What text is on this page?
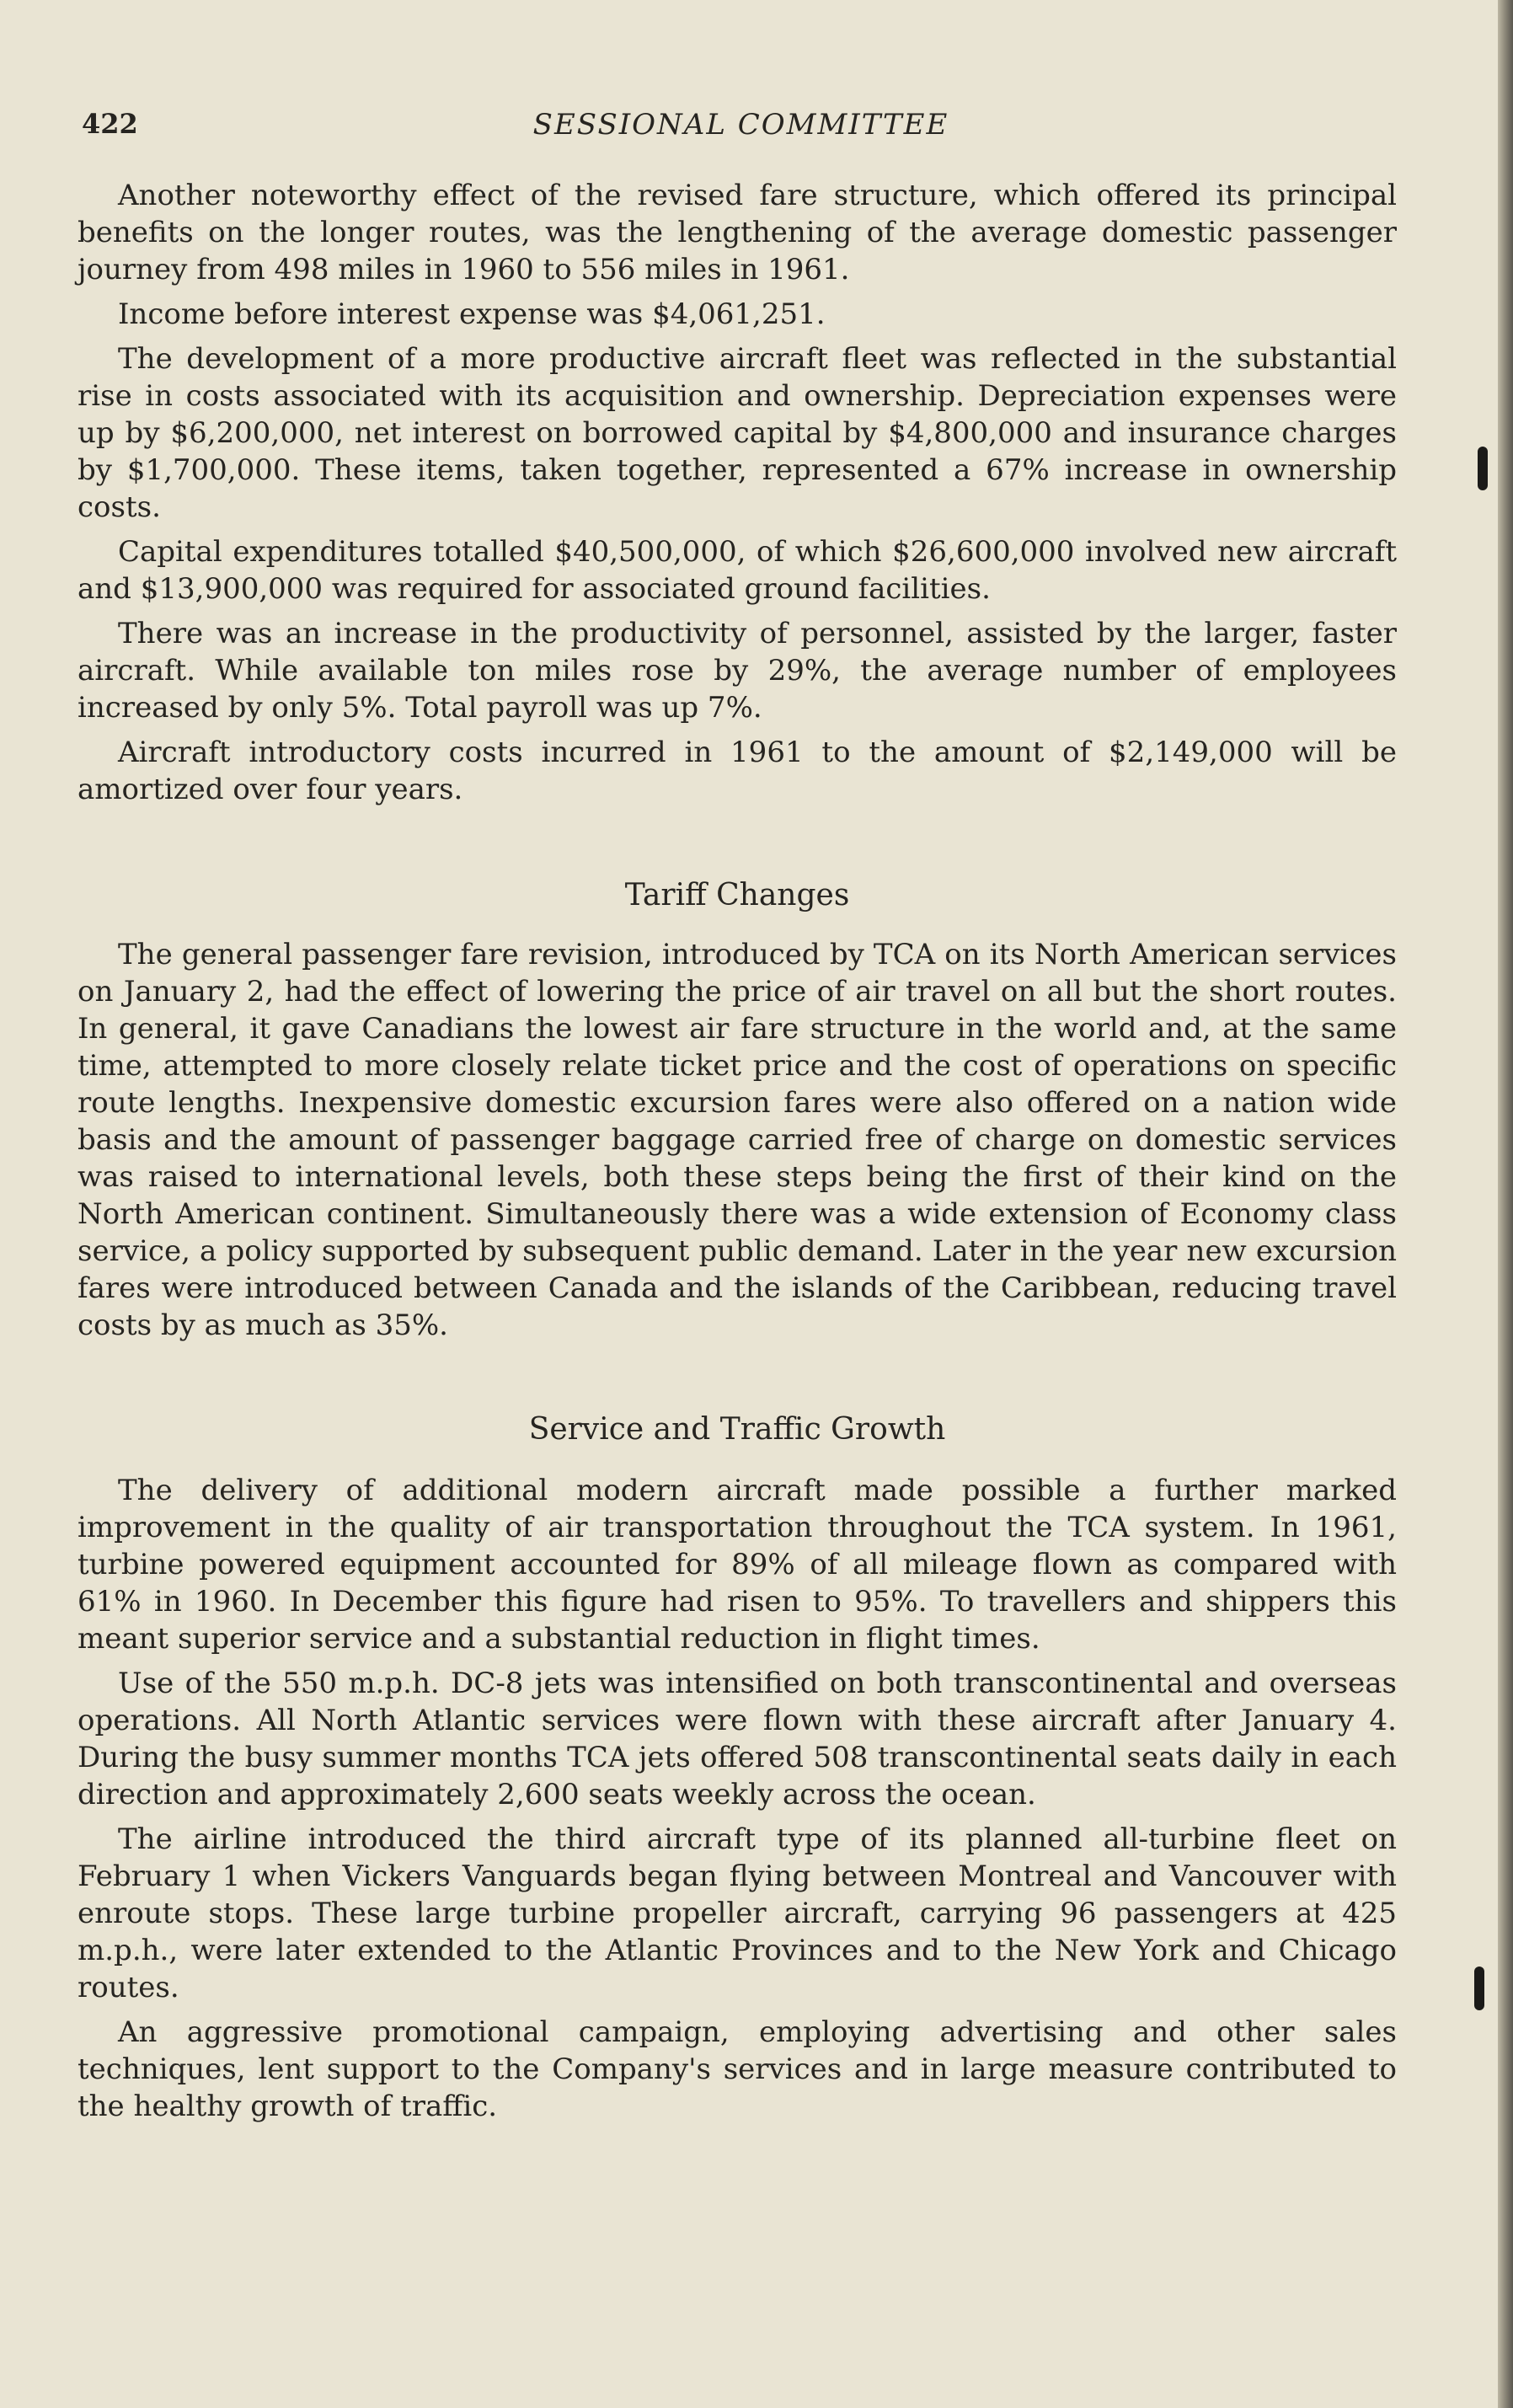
422	SESSIONAL COMMITTEE

Another noteworthy effect of the revised fare structure, which offered its principal benefits on the longer routes, was the lengthening of the average domestic passenger journey from 498 miles in 1960 to 556 miles in 1961.

Income before interest expense was $4,061,251.

The development of a more productive aircraft fleet was reflected in the substantial rise in costs associated with its acquisition and ownership. Depreciation expenses were up by $6,200,000, net interest on borrowed capital by $4,800,000 and insurance charges by $1,700,000. These items, taken together, represented a 67% increase in ownership costs.

Capital expenditures totalled $40,500,000, of which $26,600,000 involved new aircraft and $13,900,000 was required for associated ground facilities.

There was an increase in the productivity of personnel, assisted by the larger, faster aircraft. While available ton miles rose by 29%, the average number of employees increased by only 5%. Total payroll was up 7%.

Aircraft introductory costs incurred in 1961 to the amount of $2,149,000 will be amortized over four years.

Tariff Changes

The general passenger fare revision, introduced by TCA on its North American services on January 2, had the effect of lowering the price of air travel on all but the short routes. In general, it gave Canadians the lowest air fare structure in the world and, at the same time, attempted to more closely relate ticket price and the cost of operations on specific route lengths. Inexpensive domestic excursion fares were also offered on a nation wide basis and the amount of passenger baggage carried free of charge on domestic services was raised to international levels, both these steps being the first of their kind on the North American continent. Simultaneously there was a wide extension of Economy class service, a policy supported by subsequent public demand. Later in the year new excursion fares were introduced between Canada and the islands of the Caribbean, reducing travel costs by as much as 35%.

Service and Traffic Growth

The delivery of additional modern aircraft made possible a further marked improvement in the quality of air transportation throughout the TCA system. In 1961, turbine powered equipment accounted for 89% of all mileage flown as compared with 61% in 1960. In December this figure had risen to 95%. To travellers and shippers this meant superior service and a substantial reduction in flight times.

Use of the 550 m.p.h. DC-8 jets was intensified on both transcontinental and overseas operations. All North Atlantic services were flown with these aircraft after January 4. During the busy summer months TCA jets offered 508 transcontinental seats daily in each direction and approximately 2,600 seats weekly across the ocean.

The airline introduced the third aircraft type of its planned all-turbine fleet on February 1 when Vickers Vanguards began flying between Montreal and Vancouver with enroute stops. These large turbine propeller aircraft, carrying 96 passengers at 425 m.p.h., were later extended to the Atlantic Provinces and to the New York and Chicago routes.

An aggressive promotional campaign, employing advertising and other sales techniques, lent support to the Company's services and in large measure contributed to the healthy growth of traffic.
